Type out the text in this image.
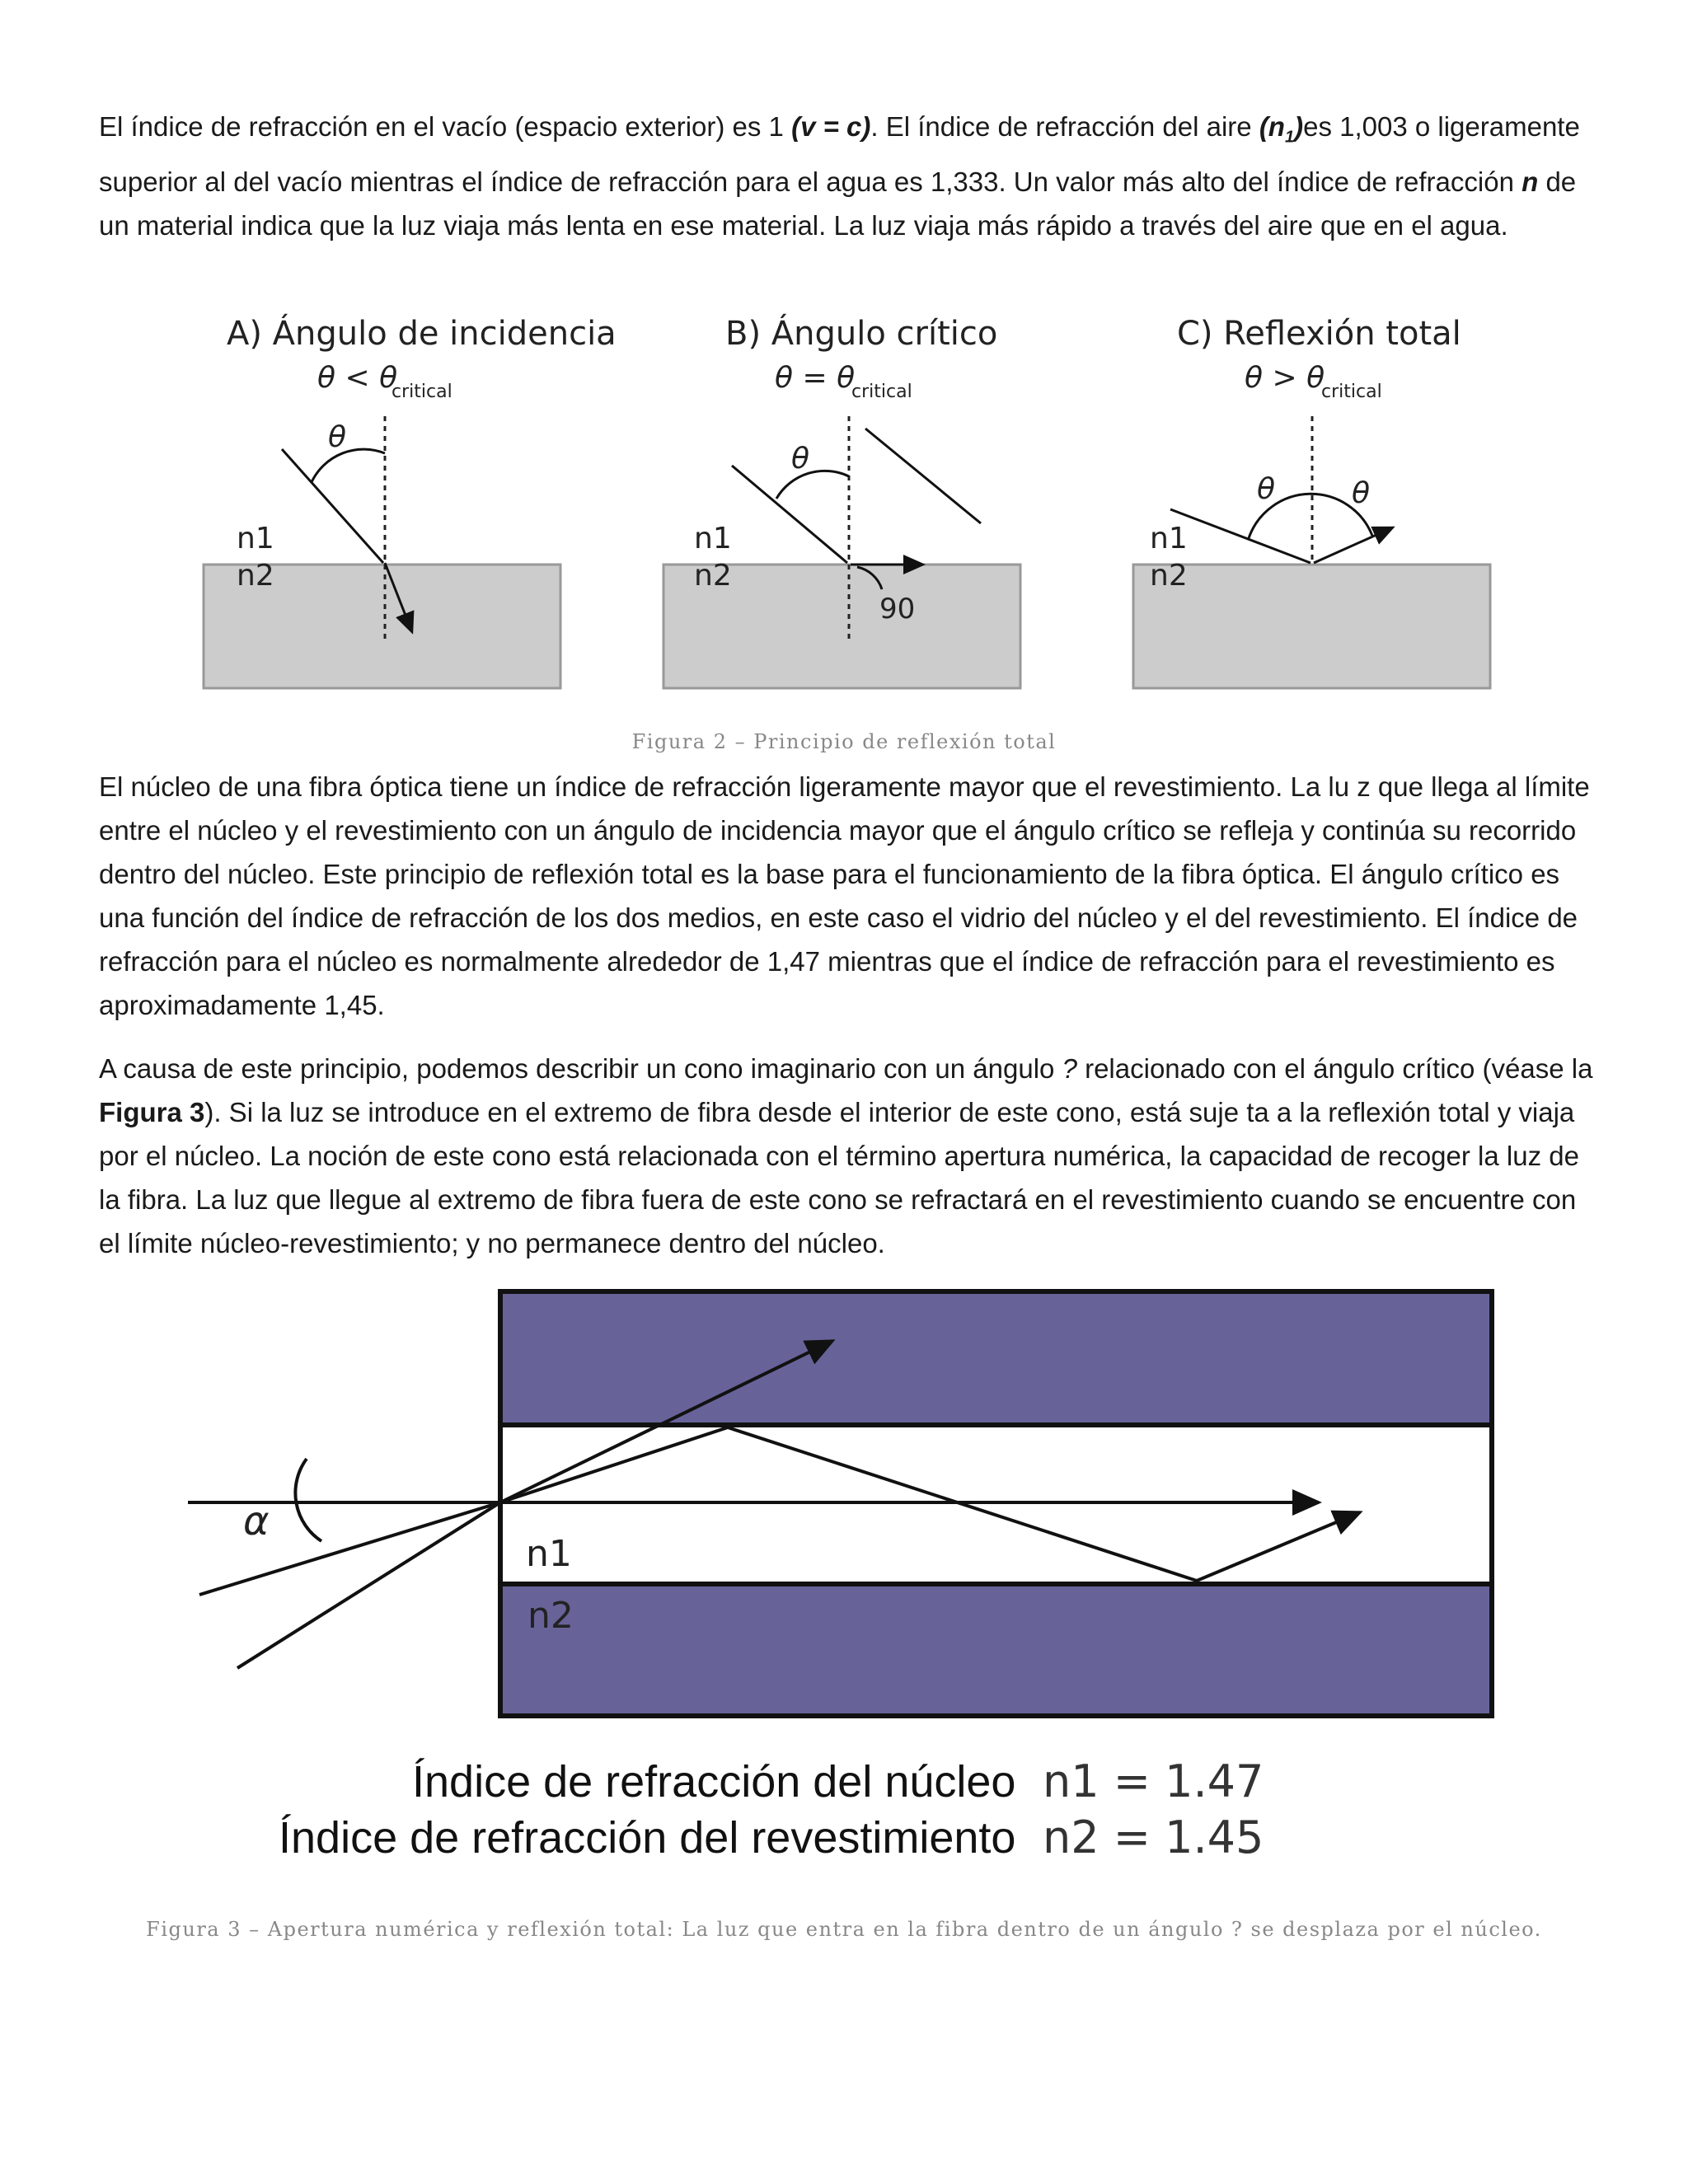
El índice de refracción en el vacío (espacio exterior) es 1 (v = c). El índice de refracción del aire $(n_1)es$ 1,003 o ligeramente superior al del vacío mientras el índice de refracción para el agua es 1,333. Un valor más alto del índice de refracción n de un material indica que la luz viaja más lenta en ese material. La luz viaja más rápido a través del aire que en el agua.

A) Ángulo de incidencia
θ < θ
critical
θ
n1
n2
B) Ángulo crítico
θ = θ
critical
θ
90
n1
n2
C) Reflexión total
θ > θ
critical
θ	θ
n1
n2
Figura 2 – Principio de reflexión total

El núcleo de una fibra óptica tiene un índice de refracción ligeramente mayor que el revestimiento. La lu z que llega al límite entre el núcleo y el revestimiento con un ángulo de incidencia mayor que el ángulo crítico se refleja y continúa su recorrido dentro del núcleo. Este principio de reflexión total es la base para el funcionamiento de la fibra óptica. El ángulo crítico es una función del índice de refracción de los dos medios, en este caso el vidrio del núcleo y el del revestimiento. El índice de refracción para el núcleo es normalmente alrededor de 1,47 mientras que el índice de refracción para el revestimiento es aproximadamente 1,45.

A causa de este principio, podemos describir un cono imaginario con un ángulo ? relacionado con el ángulo crítico (véase la Figura 3). Si la luz se introduce en el extremo de fibra desde el interior de este cono, está suje ta a la reflexión total y viaja por el núcleo. La noción de este cono está relacionada con el término apertura numérica, la capacidad de recoger la luz de la fibra. La luz que llegue al extremo de fibra fuera de este cono se refractará en el revestimiento cuando se encuentre con el límite núcleo-revestimiento; y no permanece dentro del núcleo.

α
n1
n2
Índice de refracción del núcleo n1 = 1.47
Índice de refracción del revestimiento n2 = 1.45
Figura 3 – Apertura numérica y reflexión total: La luz que entra en la fibra dentro de un ángulo ? se desplaza por el núcleo.
